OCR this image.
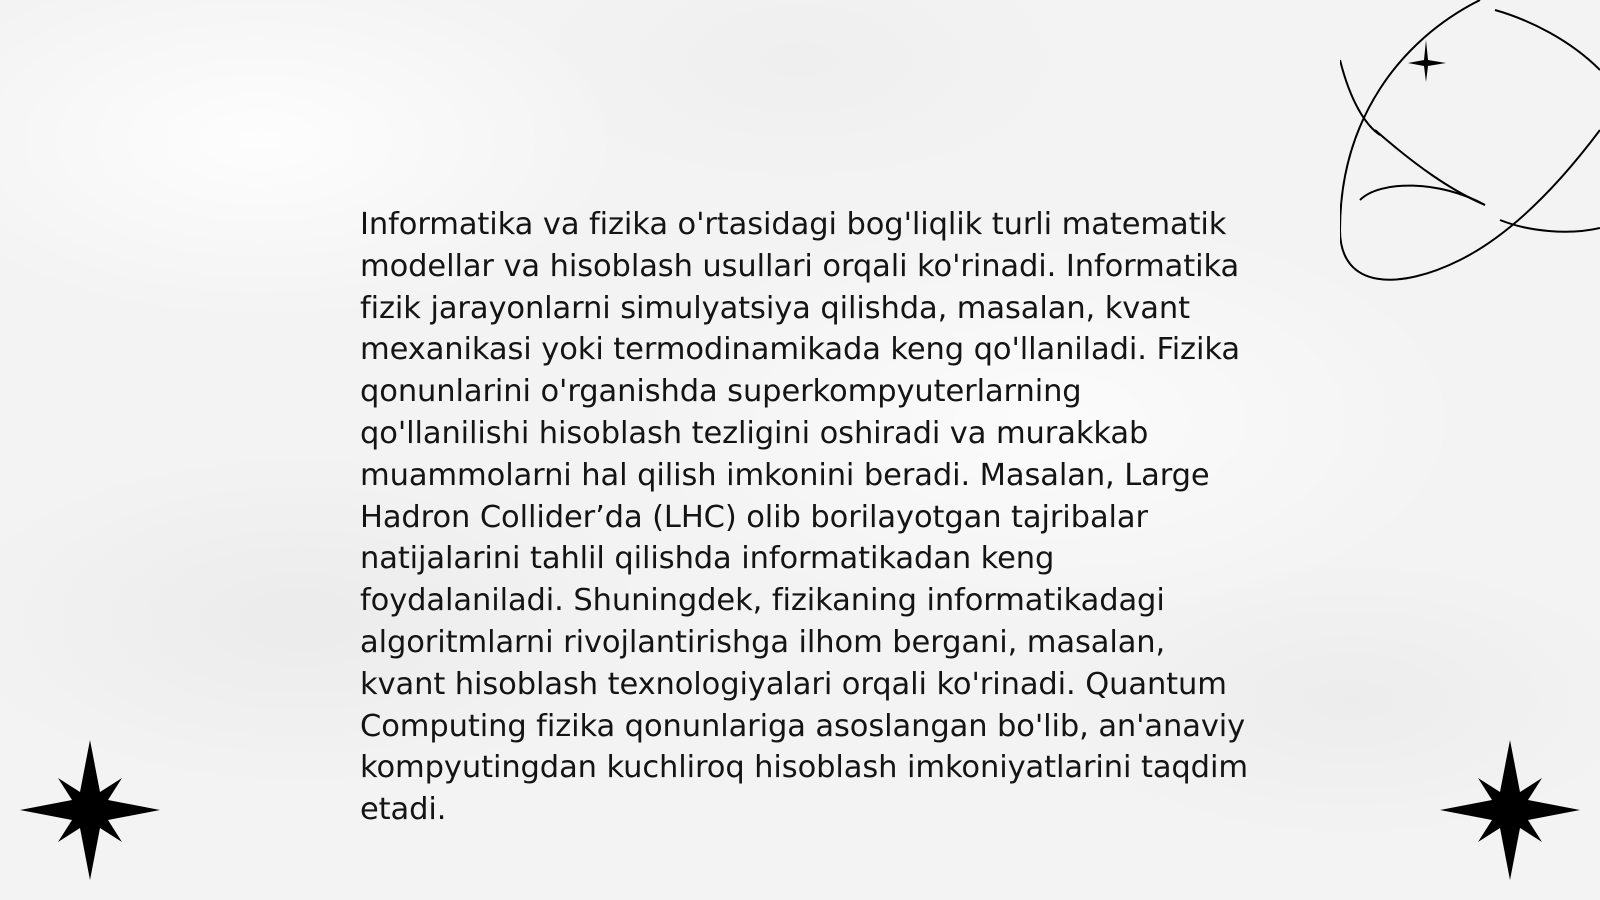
Informatika va fizika o'rtasidagi bog'liqlik turli matematik modellar va hisoblash usullari orqali ko'rinadi. Informatika fizik jarayonlarni simulyatsiya qilishda, masalan, kvant mexanikasi yoki termodinamikada keng qo'llaniladi. Fizika qonunlarini o'rganishda superkompyuterlarning qo'llanilishi hisoblash tezligini oshiradi va murakkab muammolarni hal qilish imkonini beradi. Masalan, Large Hadron Collider’da (LHC) olib borilayotgan tajribalar natijalarini tahlil qilishda informatikadan keng foydalaniladi. Shuningdek, fizikaning informatikadagi algoritmlarni rivojlantirishga ilhom bergani, masalan, kvant hisoblash texnologiyalari orqali ko'rinadi. Quantum Computing fizika qonunlariga asoslangan bo'lib, an'anaviy kompyutingdan kuchliroq hisoblash imkoniyatlarini taqdim etadi.
